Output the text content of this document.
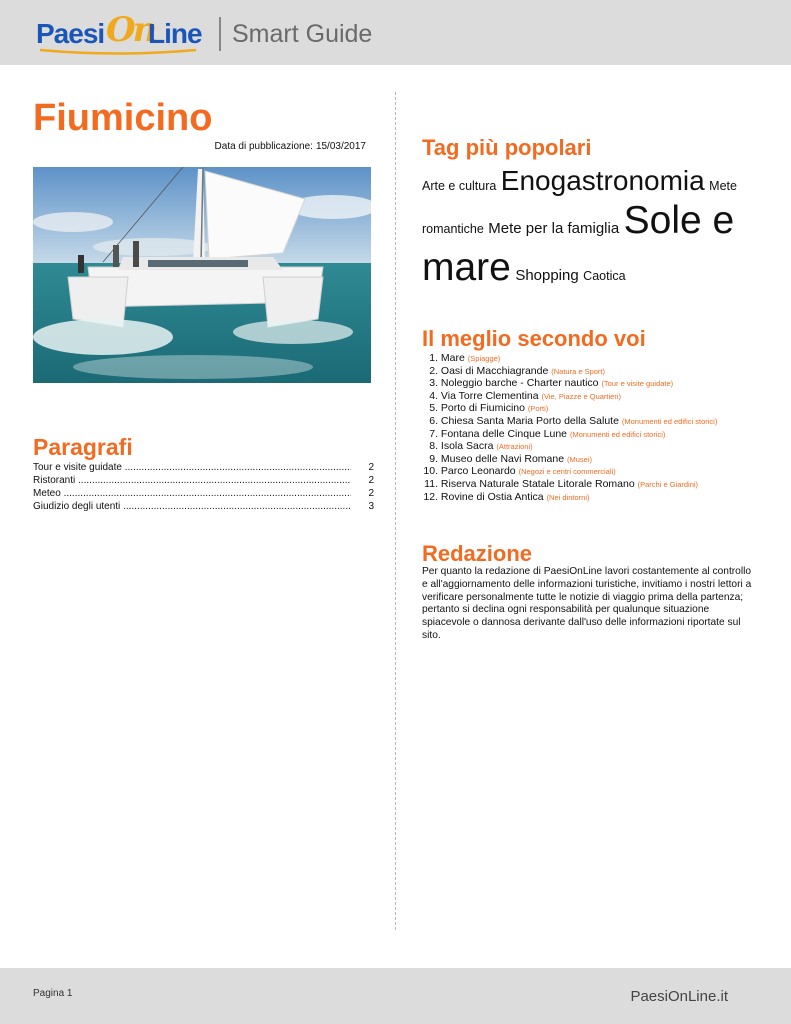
Paesi On
Line Smart Guide
Fiumicino
Data di pubblicazione: 15/03/2017
Paragrafi
Tour e visite guidate .....	2
Ristoranti .....	2
Meteo .....	2
Giudizio degli utenti .....	3
Tag più popolari
Arte e cultura Enogastronomia Mete
romantiche Mete per la famiglia Sole e
mare Shopping Caotica
Il meglio secondo voi
1. Mare (Spiagge)
2. Oasi di Macchiagrande (Natura e Sport)
3. Noleggio barche - Charter nautico (Tour e visite guidate)
4. Via Torre Clementina (Vie, Piazze e Quartieri)
5. Porto di Fiumicino (Porti)
6. Chiesa Santa Maria Porto della Salute (Monumenti ed edifici storici)
7. Fontana delle Cinque Lune (Monumenti ed edifici storici)
8. Isola Sacra (Attrazioni)
9. Museo delle Navi Romane (Musei)
10. Parco Leonardo (Negozi e centri commerciali)
11. Riserva Naturale Statale Litorale Romano (Parchi e Giardini)
12. Rovine di Ostia Antica (Nei dintorni)
Redazione

Per quanto la redazione di PaesiOnLine lavori costantemente al controllo e all'aggiornamento delle informazioni turistiche, invitiamo i nostri lettori a verificare personalmente tutte le notizie di viaggio prima della partenza; pertanto si declina ogni responsabilità per qualunque situazione spiacevole o dannosa derivante dall'uso delle informazioni riportate sul sito.

Pagina 1	PaesiOnLine.it
